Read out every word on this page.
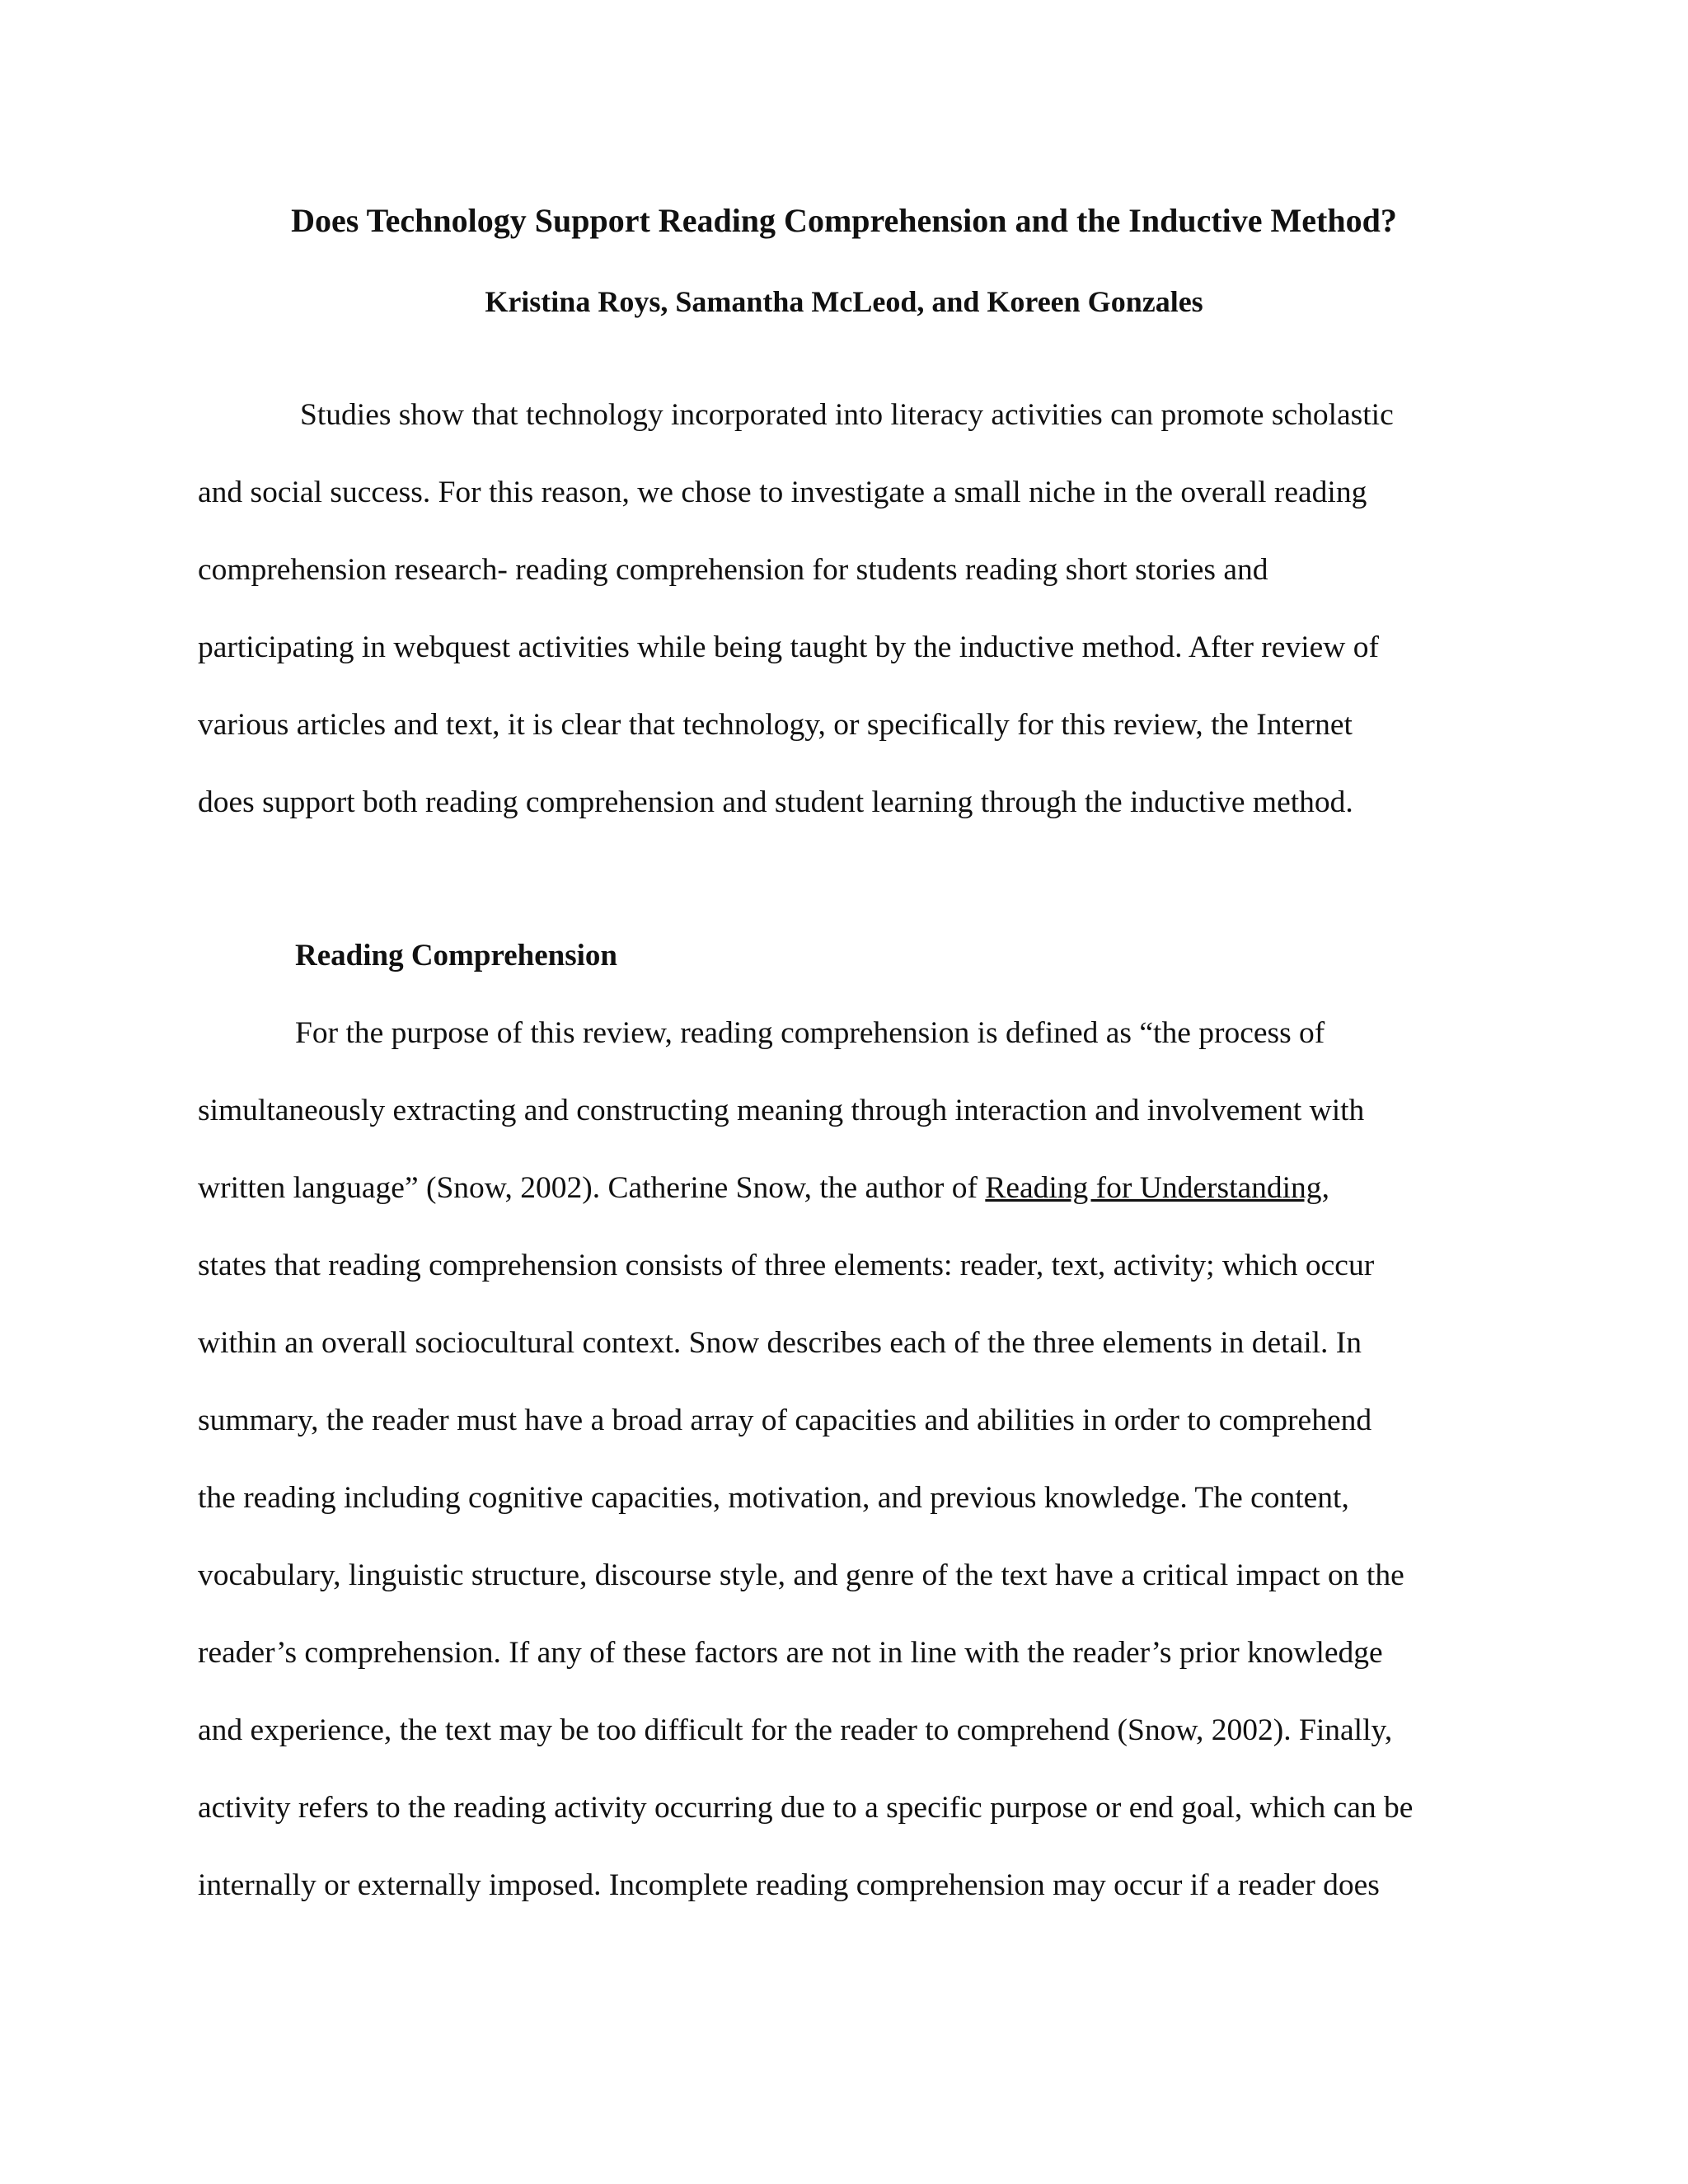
Does Technology Support Reading Comprehension and the Inductive Method?
Kristina Roys, Samantha McLeod, and Koreen Gonzales
Studies show that technology incorporated into literacy activities can promote scholastic
and social success. For this reason, we chose to investigate a small niche in the overall reading
comprehension research- reading comprehension for students reading short stories and
participating in webquest activities while being taught by the inductive method. After review of
various articles and text, it is clear that technology, or specifically for this review, the Internet
does support both reading comprehension and student learning through the inductive method.
Reading Comprehension
For the purpose of this review, reading comprehension is defined as “the process of
simultaneously extracting and constructing meaning through interaction and involvement with
written language” (Snow, 2002). Catherine Snow, the author of Reading for Understanding,
states that reading comprehension consists of three elements: reader, text, activity; which occur
within an overall sociocultural context. Snow describes each of the three elements in detail. In
summary, the reader must have a broad array of capacities and abilities in order to comprehend
the reading including cognitive capacities, motivation, and previous knowledge. The content,
vocabulary, linguistic structure, discourse style, and genre of the text have a critical impact on the
reader’s comprehension. If any of these factors are not in line with the reader’s prior knowledge
and experience, the text may be too difficult for the reader to comprehend (Snow, 2002). Finally,
activity refers to the reading activity occurring due to a specific purpose or end goal, which can be
internally or externally imposed. Incomplete reading comprehension may occur if a reader does
